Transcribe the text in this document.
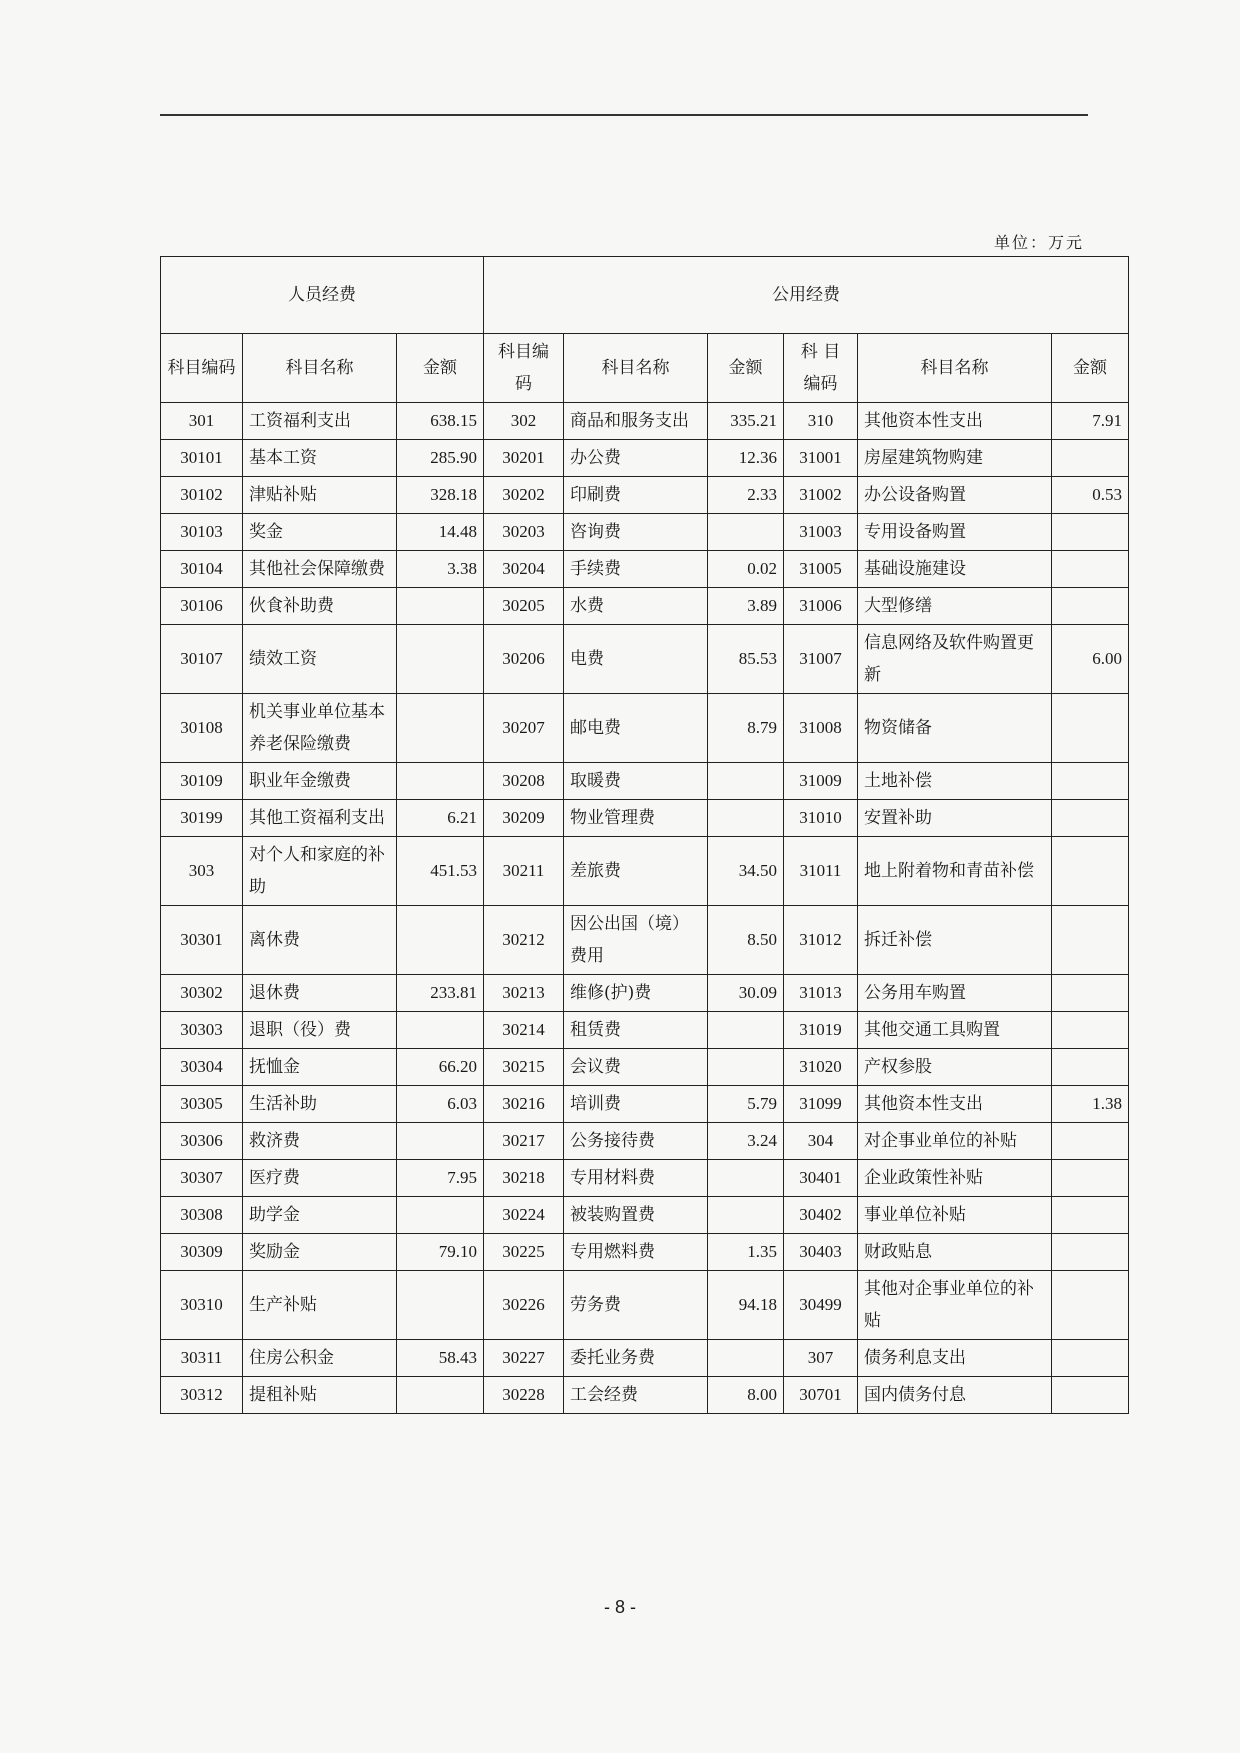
单位：万元
人员经费			公用经费					
科目编码	科目名称	金额	科目编码	科目名称	金额	科 目 编码	科目名称	金额
301	工资福利支出	638.15	302	商品和服务支出	335.21	310	其他资本性支出	7.91
30101	基本工资	285.90	30201	办公费	12.36	31001	房屋建筑物购建	
30102	津贴补贴	328.18	30202	印刷费	2.33	31002	办公设备购置	0.53
30103	奖金	14.48	30203	咨询费		31003	专用设备购置	
30104	其他社会保障缴费	3.38	30204	手续费	0.02	31005	基础设施建设	
30106	伙食补助费		30205	水费	3.89	31006	大型修缮	
30107	绩效工资		30206	电费	85.53	31007	信息网络及软件购置更新	6.00
30108	机关事业单位基本养老保险缴费		30207	邮电费	8.79	31008	物资储备	
30109	职业年金缴费		30208	取暖费		31009	土地补偿	
30199	其他工资福利支出	6.21	30209	物业管理费		31010	安置补助	
303	对个人和家庭的补助	451.53	30211	差旅费	34.50	31011	地上附着物和青苗补偿	
30301	离休费		30212	因公出国（境）费用	8.50	31012	拆迁补偿	
30302	退休费	233.81	30213	维修(护)费	30.09	31013	公务用车购置	
30303	退职（役）费		30214	租赁费		31019	其他交通工具购置	
30304	抚恤金	66.20	30215	会议费		31020	产权参股	
30305	生活补助	6.03	30216	培训费	5.79	31099	其他资本性支出	1.38
30306	救济费		30217	公务接待费	3.24	304	对企事业单位的补贴	
30307	医疗费	7.95	30218	专用材料费		30401	企业政策性补贴	
30308	助学金		30224	被装购置费		30402	事业单位补贴	
30309	奖励金	79.10	30225	专用燃料费	1.35	30403	财政贴息	
30310	生产补贴		30226	劳务费	94.18	30499	其他对企事业单位的补贴	
30311	住房公积金	58.43	30227	委托业务费		307	债务利息支出	
30312	提租补贴		30228	工会经费	8.00	30701	国内债务付息	
- 8 -
